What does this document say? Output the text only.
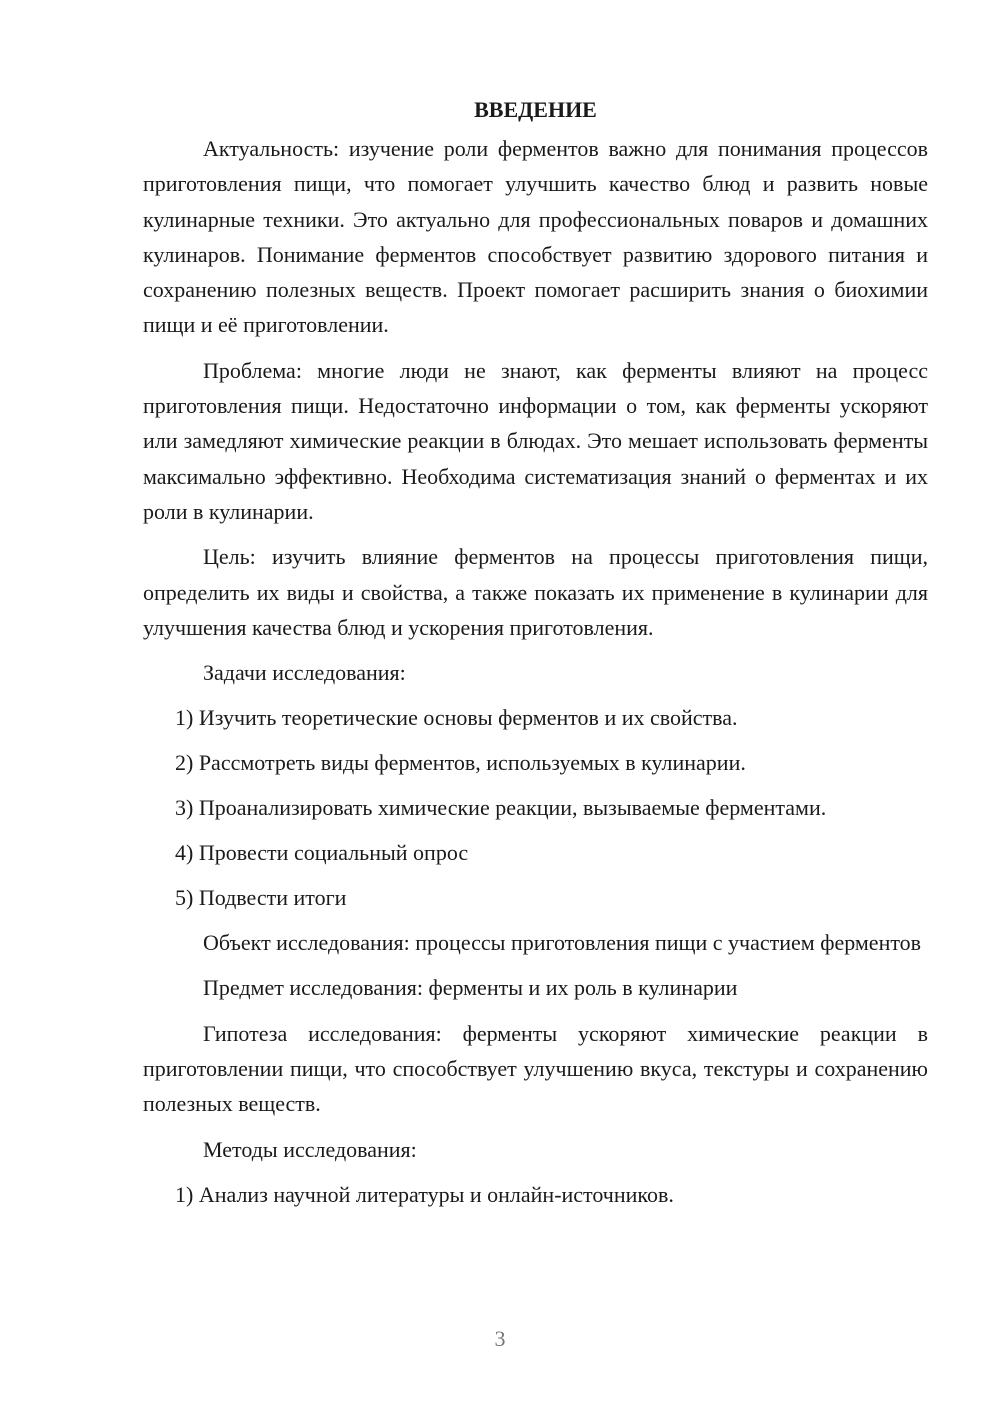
ВВЕДЕНИЕ

Актуальность: изучение роли ферментов важно для понимания процессов приготовления пищи, что помогает улучшить качество блюд и развить новые кулинарные техники. Это актуально для профессиональных поваров и домашних кулинаров. Понимание ферментов способствует развитию здорового питания и сохранению полезных веществ. Проект помогает расширить знания о биохимии пищи и её приготовлении.

Проблема: многие люди не знают, как ферменты влияют на процесс приготовления пищи. Недостаточно информации о том, как ферменты ускоряют или замедляют химические реакции в блюдах. Это мешает использовать ферменты максимально эффективно. Необходима систематизация знаний о ферментах и их роли в кулинарии.

Цель: изучить влияние ферментов на процессы приготовления пищи, определить их виды и свойства, а также показать их применение в кулинарии для улучшения качества блюд и ускорения приготовления.

Задачи исследования:

1) Изучить теоретические основы ферментов и их свойства.
2) Рассмотреть виды ферментов, используемых в кулинарии.
3) Проанализировать химические реакции, вызываемые ферментами.
4) Провести социальный опрос
5) Подвести итоги

Объект исследования: процессы приготовления пищи с участием ферментов

Предмет исследования: ферменты и их роль в кулинарии

Гипотеза исследования: ферменты ускоряют химические реакции в приготовлении пищи, что способствует улучшению вкуса, текстуры и сохранению полезных веществ.

Методы исследования:

1) Анализ научной литературы и онлайн-источников.
3
